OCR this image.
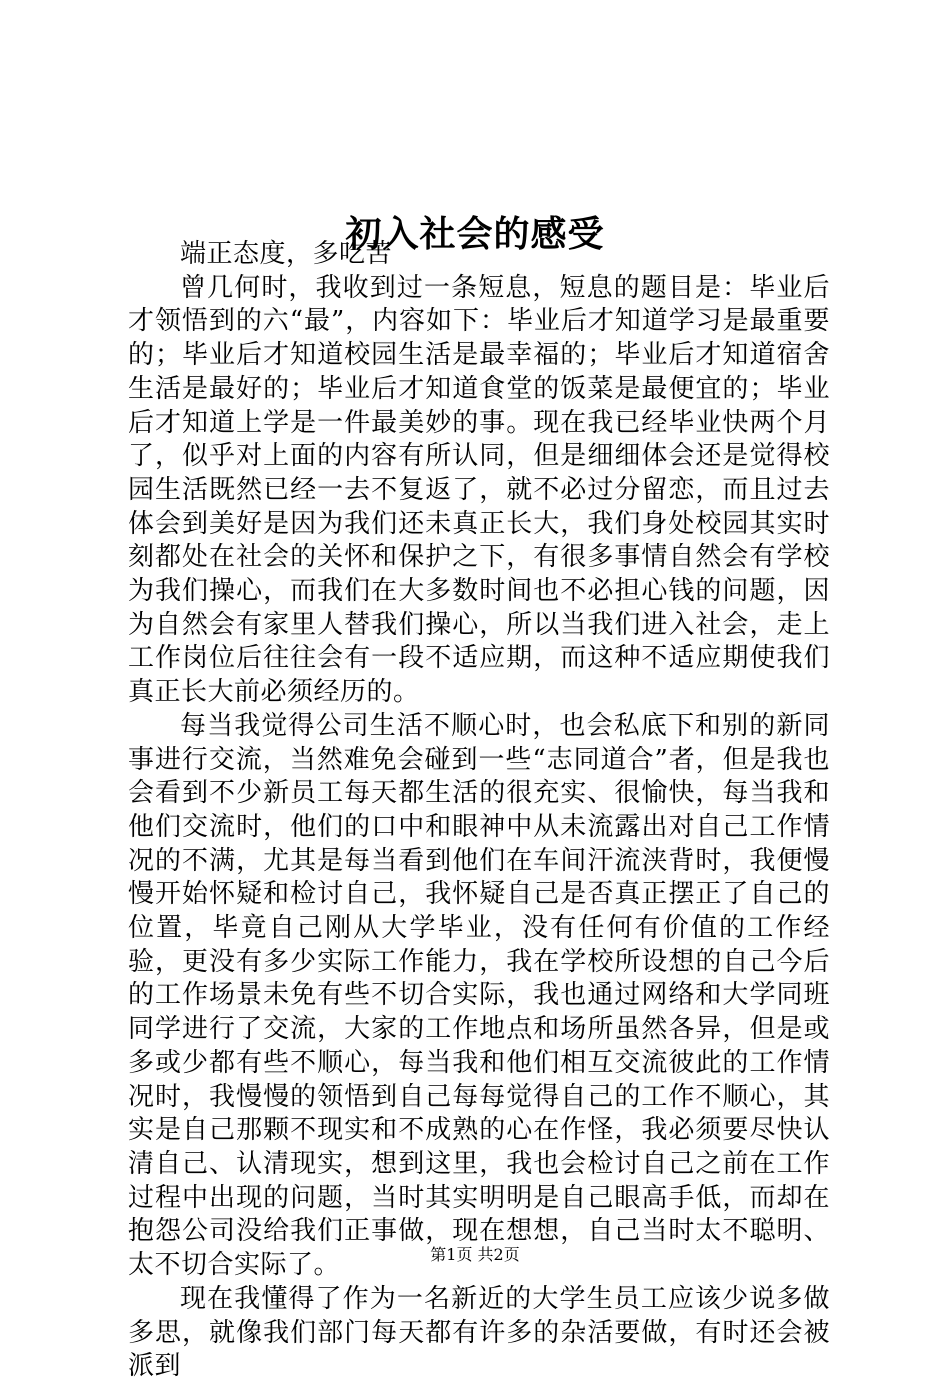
初入社会的感受

端正态度，多吃苦

曾几何时，我收到过一条短息，短息的题目是：毕业后才领悟到的六“最”，内容如下：毕业后才知道学习是最重要的；毕业后才知道校园生活是最幸福的；毕业后才知道宿舍生活是最好的；毕业后才知道食堂的饭菜是最便宜的；毕业后才知道上学是一件最美妙的事。现在我已经毕业快两个月了，似乎对上面的内容有所认同，但是细细体会还是觉得校园生活既然已经一去不复返了，就不必过分留恋，而且过去体会到美好是因为我们还未真正长大，我们身处校园其实时刻都处在社会的关怀和保护之下，有很多事情自然会有学校为我们操心，而我们在大多数时间也不必担心钱的问题，因为自然会有家里人替我们操心，所以当我们进入社会，走上工作岗位后往往会有一段不适应期，而这种不适应期使我们真正长大前必须经历的。

每当我觉得公司生活不顺心时，也会私底下和别的新同事进行交流，当然难免会碰到一些“志同道合”者，但是我也会看到不少新员工每天都生活的很充实、很愉快，每当我和他们交流时，他们的口中和眼神中从未流露出对自己工作情况的不满，尤其是每当看到他们在车间汗流浃背时，我便慢慢开始怀疑和检讨自己，我怀疑自己是否真正摆正了自己的位置，毕竟自己刚从大学毕业，没有任何有价值的工作经验，更没有多少实际工作能力，我在学校所设想的自己今后的工作场景未免有些不切合实际，我也通过网络和大学同班同学进行了交流，大家的工作地点和场所虽然各异，但是或多或少都有些不顺心，每当我和他们相互交流彼此的工作情况时，我慢慢的领悟到自己每每觉得自己的工作不顺心，其实是自己那颗不现实和不成熟的心在作怪，我必须要尽快认清自己、认清现实，想到这里，我也会检讨自己之前在工作过程中出现的问题，当时其实明明是自己眼高手低，而却在抱怨公司没给我们正事做，现在想想，自己当时太不聪明、太不切合实际了。

现在我懂得了作为一名新近的大学生员工应该少说多做多思，就像我们部门每天都有许多的杂活要做，有时还会被派到

第1页 共2页
